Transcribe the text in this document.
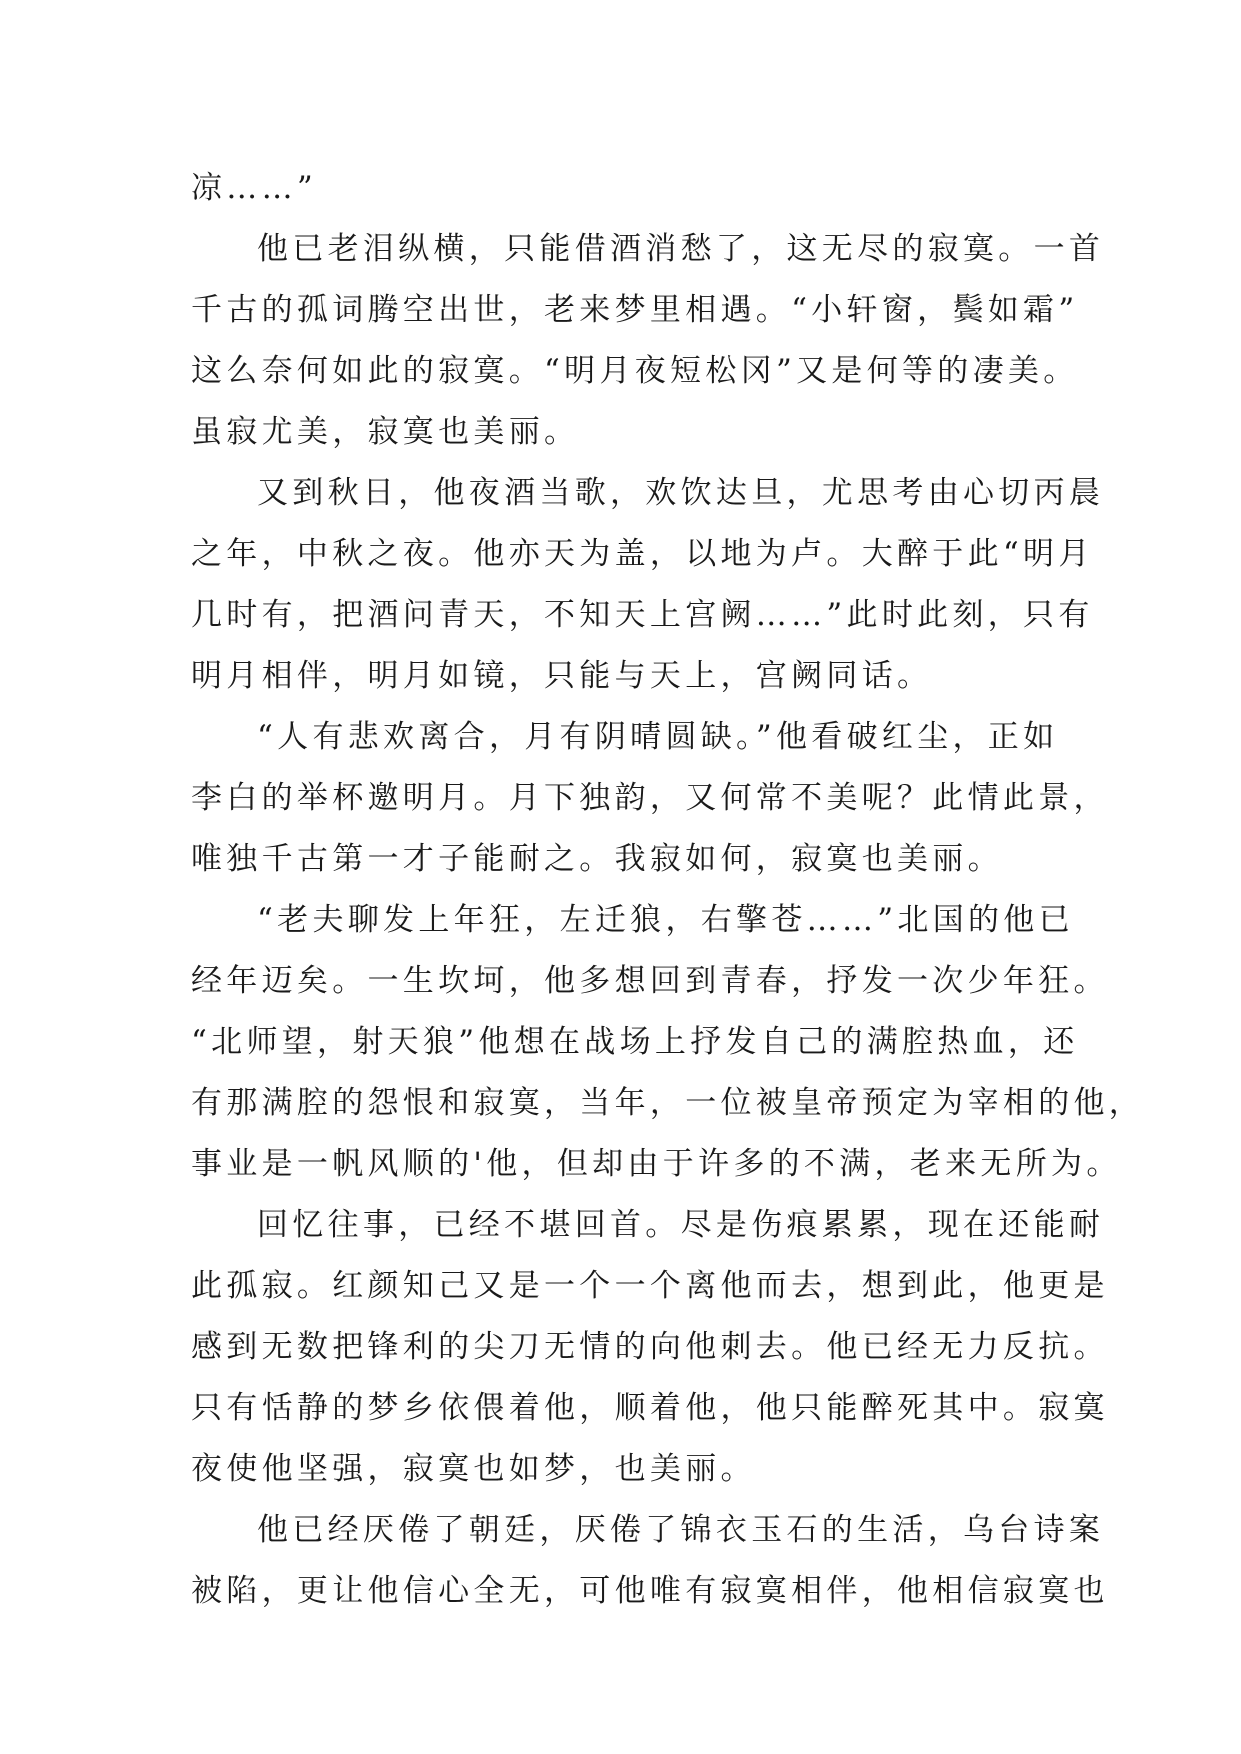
凉……”
他已老泪纵横，只能借酒消愁了，这无尽的寂寞。一首
千古的孤词腾空出世，老来梦里相遇。“小轩窗，鬓如霜”
这么奈何如此的寂寞。“明月夜短松冈”又是何等的凄美。
虽寂尤美，寂寞也美丽。
又到秋日，他夜酒当歌，欢饮达旦，尤思考由心切丙晨
之年，中秋之夜。他亦天为盖，以地为卢。大醉于此“明月
几时有，把酒问青天，不知天上宫阙……”此时此刻，只有
明月相伴，明月如镜，只能与天上，宫阙同话。
“人有悲欢离合，月有阴晴圆缺。”他看破红尘，正如
李白的举杯邀明月。月下独韵，又何常不美呢？此情此景，
唯独千古第一才子能耐之。我寂如何，寂寞也美丽。
“老夫聊发上年狂，左迁狼，右擎苍……”北国的他已
经年迈矣。一生坎坷，他多想回到青春，抒发一次少年狂。
“北师望，射天狼”他想在战场上抒发自己的满腔热血，还
有那满腔的怨恨和寂寞，当年，一位被皇帝预定为宰相的他，
事业是一帆风顺的'他，但却由于许多的不满，老来无所为。
回忆往事，已经不堪回首。尽是伤痕累累，现在还能耐
此孤寂。红颜知己又是一个一个离他而去，想到此，他更是
感到无数把锋利的尖刀无情的向他刺去。他已经无力反抗。
只有恬静的梦乡依偎着他，顺着他，他只能醉死其中。寂寞
夜使他坚强，寂寞也如梦，也美丽。
他已经厌倦了朝廷，厌倦了锦衣玉石的生活，乌台诗案
被陷，更让他信心全无，可他唯有寂寞相伴，他相信寂寞也
